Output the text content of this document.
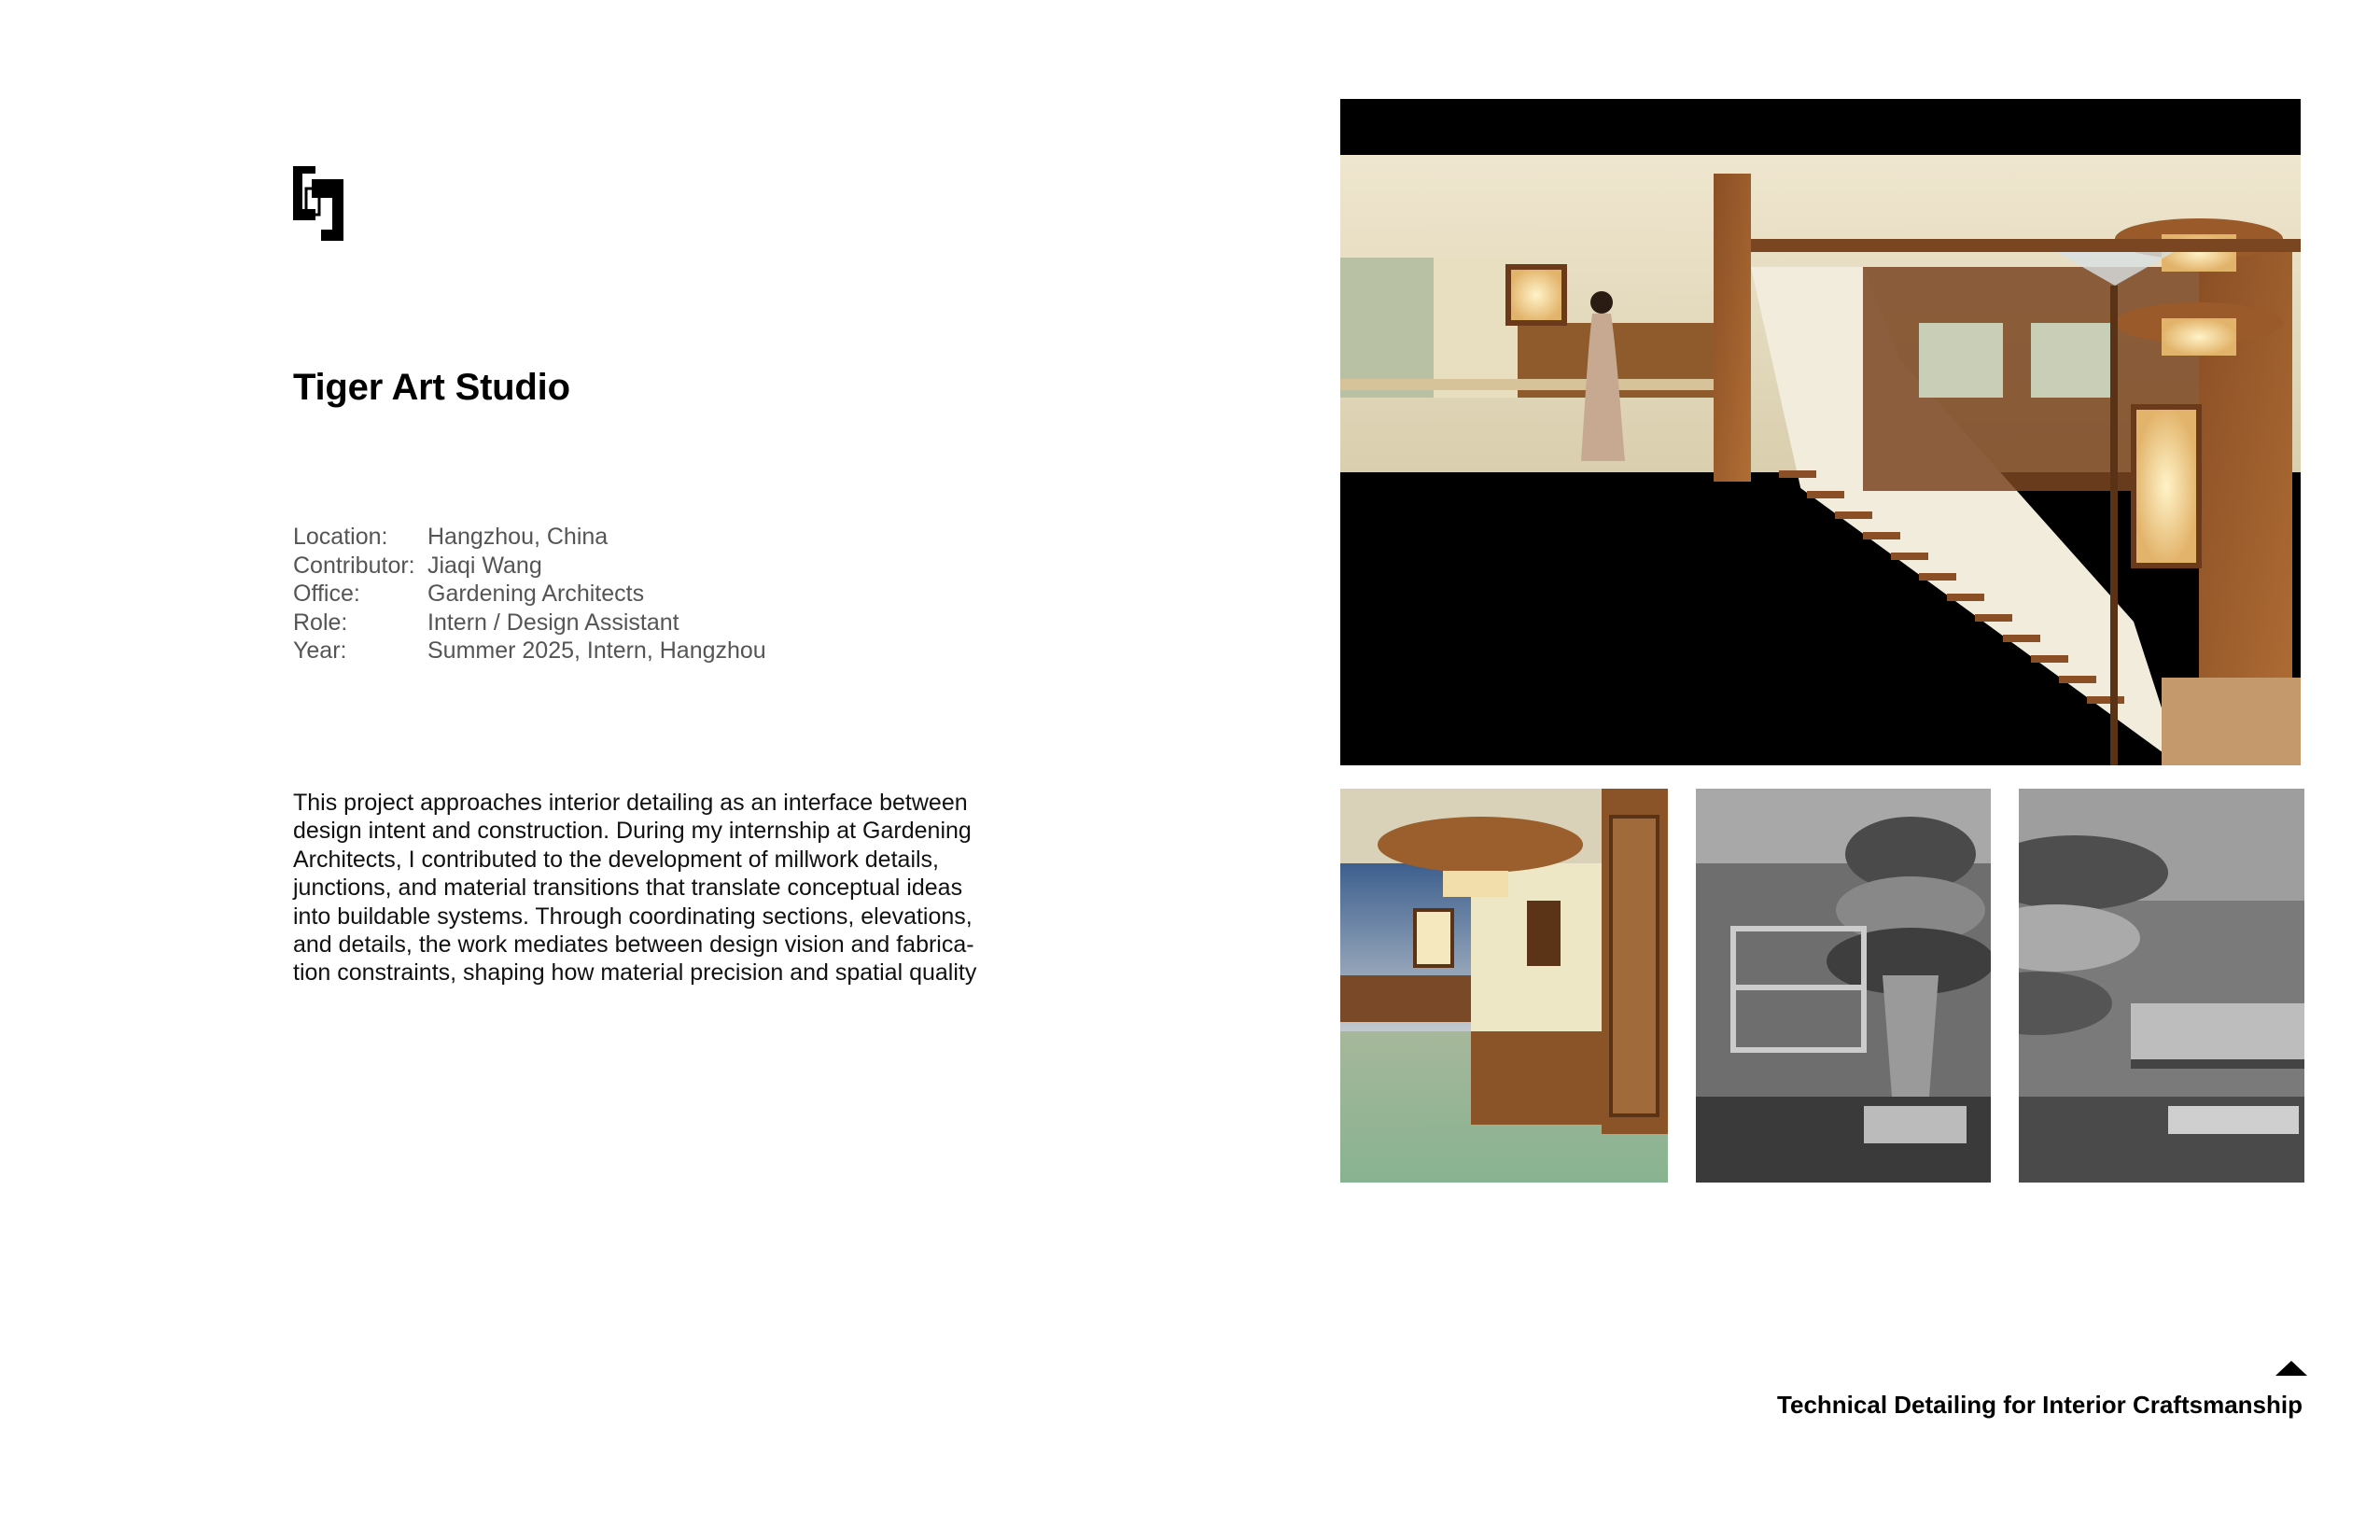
Tiger Art Studio
Location:	Hangzhou, China
Contributor: Jiaqi Wang
Office:	Gardening Architects
Role:	Intern / Design Assistant
Year:	Summer 2025, Intern, Hangzhou
This project approaches interior detailing as an interface between
design intent and construction. During my internship at Gardening
Architects, I contributed to the development of millwork details,
junctions, and material transitions that translate conceptual ideas
into buildable systems. Through coordinating sections, elevations,
and details, the work mediates between design vision and fabrica-
tion constraints, shaping how material precision and spatial quality
Technical Detailing for Interior Craftsmanship
